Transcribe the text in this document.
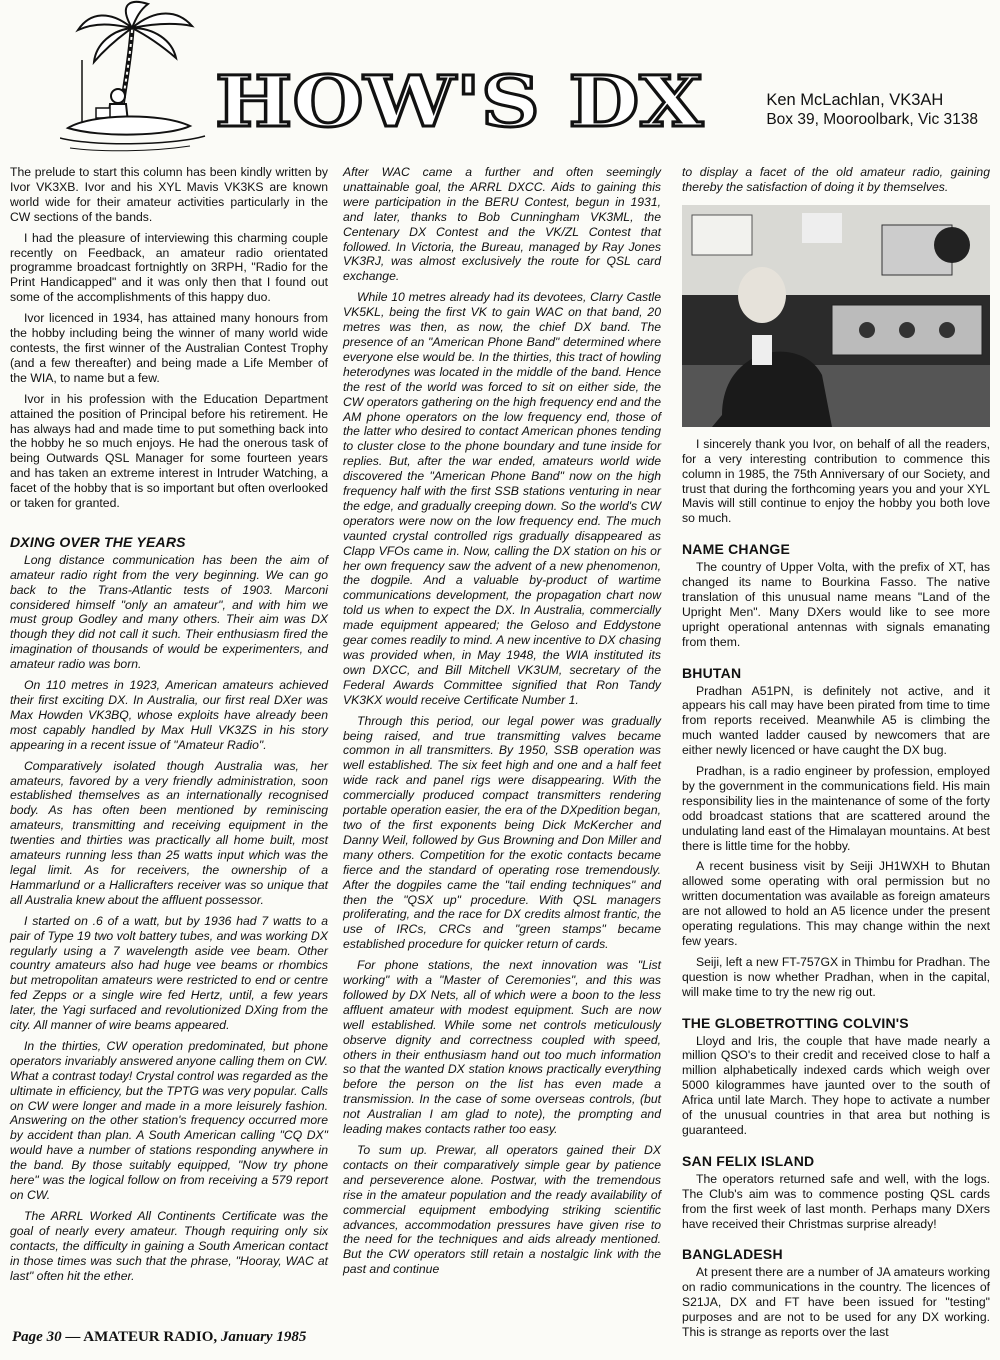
HOW'S DX	Ken McLachlan, VK3AH
Box 39, Mooroolbark, Vic 3138

The prelude to start this column has been kindly written by Ivor VK3XB. Ivor and his XYL Mavis VK3KS are known world wide for their amateur activities particularly in the CW sections of the bands.

I had the pleasure of interviewing this charming couple recently on Feedback, an amateur radio orientated programme broadcast fortnightly on 3RPH, "Radio for the Print Handicapped" and it was only then that I found out some of the accomplishments of this happy duo.

Ivor licenced in 1934, has attained many honours from the hobby including being the winner of many world wide contests, the first winner of the Australian Contest Trophy (and a few thereafter) and being made a Life Member of the WIA, to name but a few.

Ivor in his profession with the Education Department attained the position of Principal before his retirement. He has always had and made time to put something back into the hobby he so much enjoys. He had the onerous task of being Outwards QSL Manager for some fourteen years and has taken an extreme interest in Intruder Watching, a facet of the hobby that is so important but often overlooked or taken for granted.

DXING OVER THE YEARS

Long distance communication has been the aim of amateur radio right from the very beginning. We can go back to the Trans-Atlantic tests of 1903. Marconi considered himself "only an amateur", and with him we must group Godley and many others. Their aim was DX though they did not call it such. Their enthusiasm fired the imagination of thousands of would be experimenters, and amateur radio was born.

On 110 metres in 1923, American amateurs achieved their first exciting DX. In Australia, our first real DXer was Max Howden VK3BQ, whose exploits have already been most capably handled by Max Hull VK3ZS in his story appearing in a recent issue of "Amateur Radio".

Comparatively isolated though Australia was, her amateurs, favored by a very friendly administration, soon established themselves as an internationally recognised body. As has often been mentioned by reminiscing amateurs, transmitting and receiving equipment in the twenties and thirties was practically all home built, most amateurs running less than 25 watts input which was the legal limit. As for receivers, the ownership of a Hammarlund or a Hallicrafters receiver was so unique that all Australia knew about the affluent possessor.

I started on .6 of a watt, but by 1936 had 7 watts to a pair of Type 19 two volt battery tubes, and was working DX regularly using a 7 wavelength aside vee beam. Other country amateurs also had huge vee beams or rhombics but metropolitan amateurs were restricted to end or centre fed Zepps or a single wire fed Hertz, until, a few years later, the Yagi surfaced and revolutionized DXing from the city. All manner of wire beams appeared.

In the thirties, CW operation predominated, but phone operators invariably answered anyone calling them on CW. What a contrast today! Crystal control was regarded as the ultimate in efficiency, but the TPTG was very popular. Calls on CW were longer and made in a more leisurely fashion. Answering on the other station's frequency occurred more by accident than plan. A South American calling "CQ DX" would have a number of stations responding anywhere in the band. By those suitably equipped, "Now try phone here" was the logical follow on from receiving a 579 report on CW.

The ARRL Worked All Continents Certificate was the goal of nearly every amateur. Though requiring only six contacts, the difficulty in gaining a South American contact in those times was such that the phrase, "Hooray, WAC at last" often hit the ether.

After WAC came a further and often seemingly unattainable goal, the ARRL DXCC. Aids to gaining this were participation in the BERU Contest, begun in 1931, and later, thanks to Bob Cunningham VK3ML, the Centenary DX Contest and the VK/ZL Contest that followed. In Victoria, the Bureau, managed by Ray Jones VK3RJ, was almost exclusively the route for QSL card exchange.

While 10 metres already had its devotees, Clarry Castle VK5KL, being the first VK to gain WAC on that band, 20 metres was then, as now, the chief DX band. The presence of an "American Phone Band" determined where everyone else would be. In the thirties, this tract of howling heterodynes was located in the middle of the band. Hence the rest of the world was forced to sit on either side, the CW operators gathering on the high frequency end and the AM phone operators on the low frequency end, those of the latter who desired to contact American phones tending to cluster close to the phone boundary and tune inside for replies. But, after the war ended, amateurs world wide discovered the "American Phone Band" now on the high frequency half with the first SSB stations venturing in near the edge, and gradually creeping down. So the world's CW operators were now on the low frequency end. The much vaunted crystal controlled rigs gradually disappeared as Clapp VFOs came in. Now, calling the DX station on his or her own frequency saw the advent of a new phenomenon, the dogpile. And a valuable by-product of wartime communications development, the propagation chart now told us when to expect the DX. In Australia, commercially made equipment appeared; the Geloso and Eddystone gear comes readily to mind. A new incentive to DX chasing was provided when, in May 1948, the WIA instituted its own DXCC, and Bill Mitchell VK3UM, secretary of the Federal Awards Committee signified that Ron Tandy VK3KX would receive Certificate Number 1.

Through this period, our legal power was gradually being raised, and true transmitting valves became common in all transmitters. By 1950, SSB operation was well established. The six feet high and one and a half feet wide rack and panel rigs were disappearing. With the commercially produced compact transmitters rendering portable operation easier, the era of the DXpedition began, two of the first exponents being Dick McKercher and Danny Weil, followed by Gus Browning and Don Miller and many others. Competition for the exotic contacts became fierce and the standard of operating rose tremendously. After the dogpiles came the "tail ending techniques" and then the "QSX up" procedure. With QSL managers proliferating, and the race for DX credits almost frantic, the use of IRCs, CRCs and "green stamps" became established procedure for quicker return of cards.

For phone stations, the next innovation was "List working" with a "Master of Ceremonies", and this was followed by DX Nets, all of which were a boon to the less affluent amateur with modest equipment. Such are now well established. While some net controls meticulously observe dignity and correctness coupled with speed, others in their enthusiasm hand out too much information so that the wanted DX station knows practically everything before the person on the list has even made a transmission. In the case of some overseas controls, (but not Australian I am glad to note), the prompting and leading makes contacts rather too easy.

To sum up. Prewar, all operators gained their DX contacts on their comparatively simple gear by patience and perseverence alone. Postwar, with the tremendous rise in the amateur population and the ready availability of commercial equipment embodying striking scientific advances, accommodation pressures have given rise to the need for the techniques and aids already mentioned. But the CW operators still retain a nostalgic link with the past and continue

to display a facet of the old amateur radio, gaining thereby the satisfaction of doing it by themselves.

I sincerely thank you Ivor, on behalf of all the readers, for a very interesting contribution to commence this column in 1985, the 75th Anniversary of our Society, and trust that during the forthcoming years you and your XYL Mavis will still continue to enjoy the hobby you both love so much.

NAME CHANGE

The country of Upper Volta, with the prefix of XT, has changed its name to Bourkina Fasso. The native translation of this unusual name means "Land of the Upright Men". Many DXers would like to see more upright operational antennas with signals emanating from them.

BHUTAN

Pradhan A51PN, is definitely not active, and it appears his call may have been pirated from time to time from reports received. Meanwhile A5 is climbing the much wanted ladder caused by newcomers that are either newly licenced or have caught the DX bug.

Pradhan, is a radio engineer by profession, employed by the government in the communications field. His main responsibility lies in the maintenance of some of the forty odd broadcast stations that are scattered around the undulating land east of the Himalayan mountains. At best there is little time for the hobby.

A recent business visit by Seiji JH1WXH to Bhutan allowed some operating with oral permission but no written documentation was available as foreign amateurs are not allowed to hold an A5 licence under the present operating regulations. This may change within the next few years.

Seiji, left a new FT-757GX in Thimbu for Pradhan. The question is now whether Pradhan, when in the capital, will make time to try the new rig out.

THE GLOBETROTTING COLVIN'S

Lloyd and Iris, the couple that have made nearly a million QSO's to their credit and received close to half a million alphabetically indexed cards which weigh over 5000 kilogrammes have jaunted over to the south of Africa until late March. They hope to activate a number of the unusual countries in that area but nothing is guaranteed.

SAN FELIX ISLAND

The operators returned safe and well, with the logs. The Club's aim was to commence posting QSL cards from the first week of last month. Perhaps many DXers have received their Christmas surprise already!

BANGLADESH

At present there are a number of JA amateurs working on radio communications in the country. The licences of S21JA, DX and FT have been issued for "testing" purposes and are not to be used for any DX working. This is strange as reports over the last

Page 30 — AMATEUR RADIO, January 1985
